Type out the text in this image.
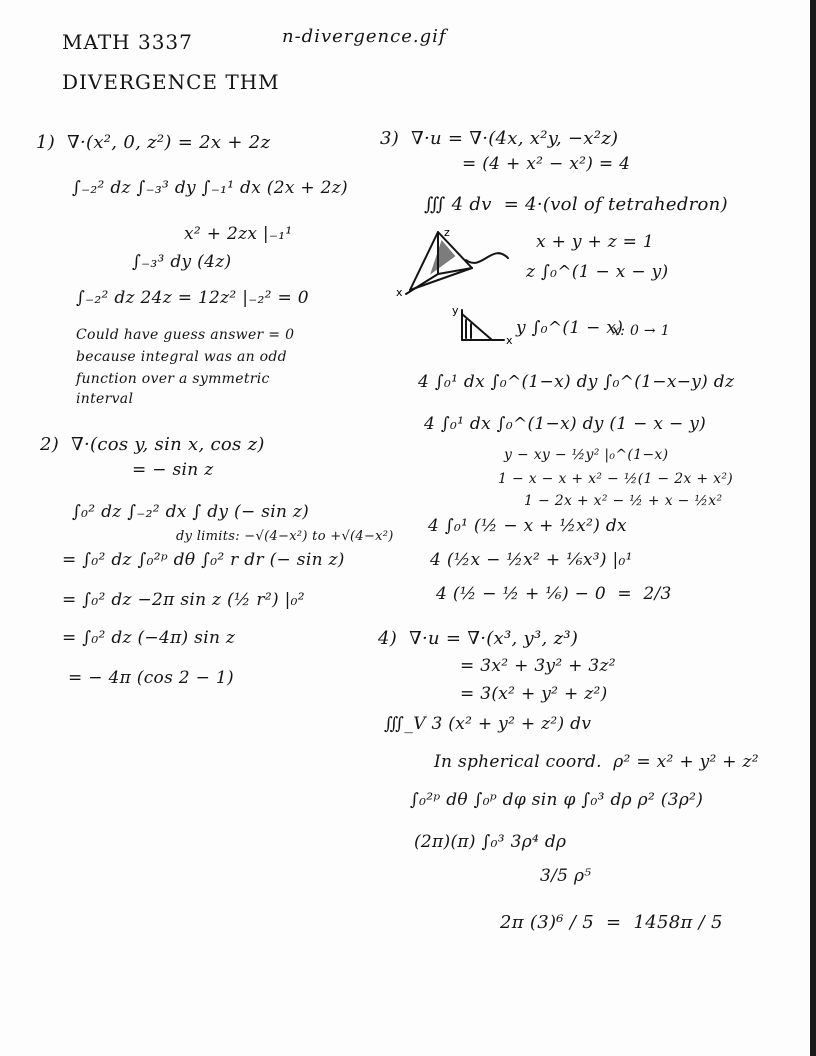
MATH 3337	n-divergence.gif
DIVERGENCE THM
1)  ∇·(x², 0, z²) = 2x + 2z
∫₋₂² dz ∫₋₃³ dy ∫₋₁¹ dx (2x + 2z)
x² + 2zx |₋₁¹
∫₋₃³ dy (4z)
∫₋₂² dz 24z = 12z² |₋₂² = 0
Could have guess answer = 0
because integral was an odd
function over a symmetric
interval
2)  ∇·(cos y, sin x, cos z)
= − sin z
∫₀² dz ∫₋₂² dx ∫ dy (− sin z)
dy limits: −√(4−x²) to +√(4−x²)
= ∫₀² dz ∫₀²ᵖ dθ ∫₀² r dr (− sin z)
= ∫₀² dz −2π sin z (½ r²) |₀²
= ∫₀² dz (−4π) sin z
= − 4π (cos 2 − 1)
3)  ∇·u = ∇·(4x, x²y, −x²z)
= (4 + x² − x²) = 4
∭ 4 dv  = 4·(vol of tetrahedron)
z
x
x + y + z = 1
z ∫₀^(1 − x − y)
y
x
y ∫₀^(1 − x)
x: 0 → 1
4 ∫₀¹ dx ∫₀^(1−x) dy ∫₀^(1−x−y) dz
4 ∫₀¹ dx ∫₀^(1−x) dy (1 − x − y)
y − xy − ½y² |₀^(1−x)
1 − x − x + x² − ½(1 − 2x + x²)
1 − 2x + x² − ½ + x − ½x²
4 ∫₀¹ (½ − x + ½x²) dx
4 (½x − ½x² + ⅙x³) |₀¹
4 (½ − ½ + ⅙) − 0  =  2/3
4)  ∇·u = ∇·(x³, y³, z³)
= 3x² + 3y² + 3z²
= 3(x² + y² + z²)
∭_V 3 (x² + y² + z²) dv
In spherical coord.  ρ² = x² + y² + z²
∫₀²ᵖ dθ ∫₀ᵖ dφ sin φ ∫₀³ dρ ρ² (3ρ²)
(2π)(π) ∫₀³ 3ρ⁴ dρ
3/5 ρ⁵
2π (3)⁶ / 5  =  1458π / 5
